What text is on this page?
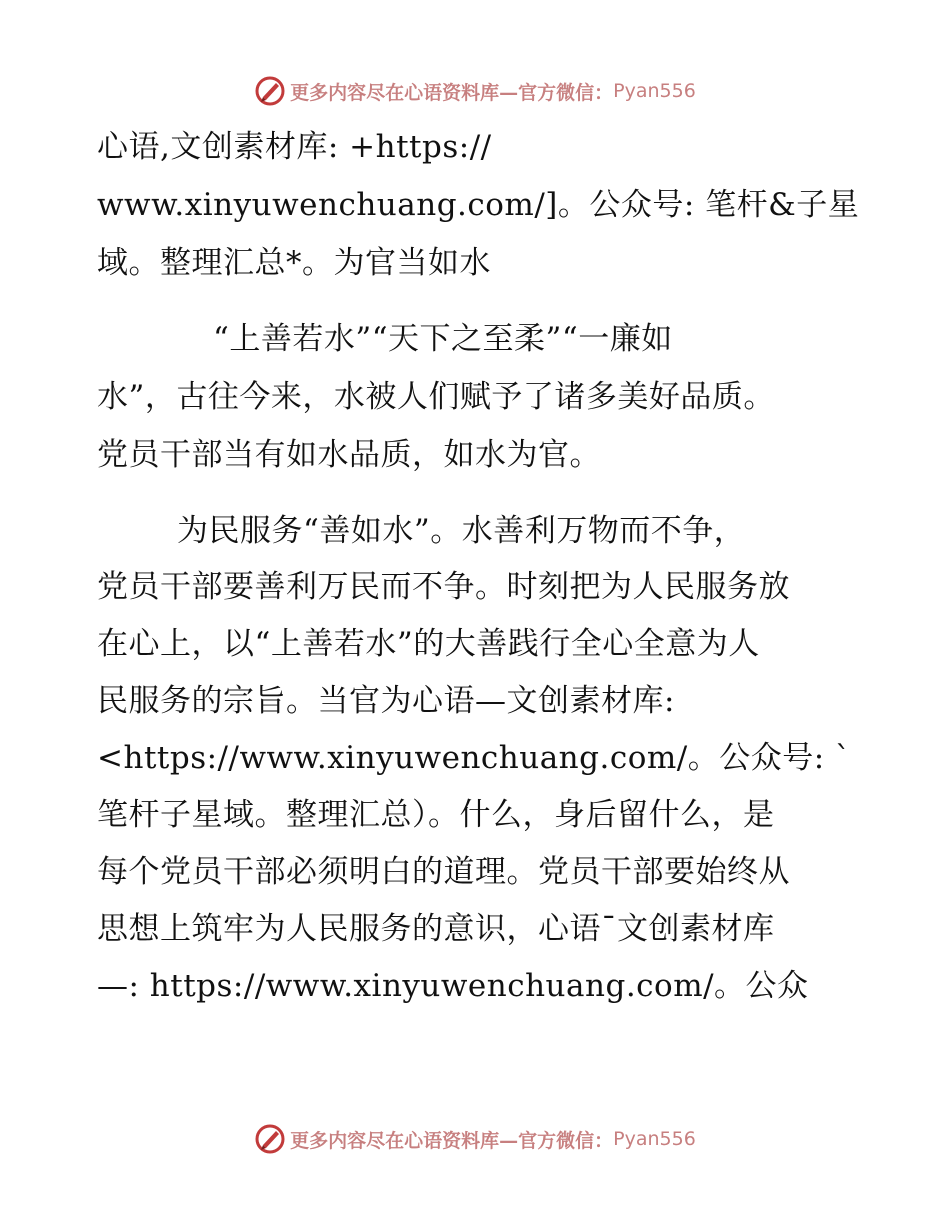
更多内容尽在心语资料库—官方微信： Pyan556
心语,文创素材库: +https://
www.xinyuwenchuang.com/]。公众号: 笔杆&子星
域。整理汇总*。为官当如水
“上善若水”“天下之至柔”“一廉如
水”，古往今来，水被人们赋予了诸多美好品质。
党员干部当有如水品质，如水为官。
为民服务“善如水”。水善利万物而不争，
党员干部要善利万民而不争。时刻把为人民服务放
在心上，以“上善若水”的大善践行全心全意为人
民服务的宗旨。当官为心语—文创素材库:
<https://www.xinyuwenchuang.com/。公众号: `
笔杆子星域。整理汇总）。什么，身后留什么，是
每个党员干部必须明白的道理。党员干部要始终从
思想上筑牢为人民服务的意识，心语¯文创素材库
—: https://www.xinyuwenchuang.com/。公众
更多内容尽在心语资料库—官方微信： Pyan556
